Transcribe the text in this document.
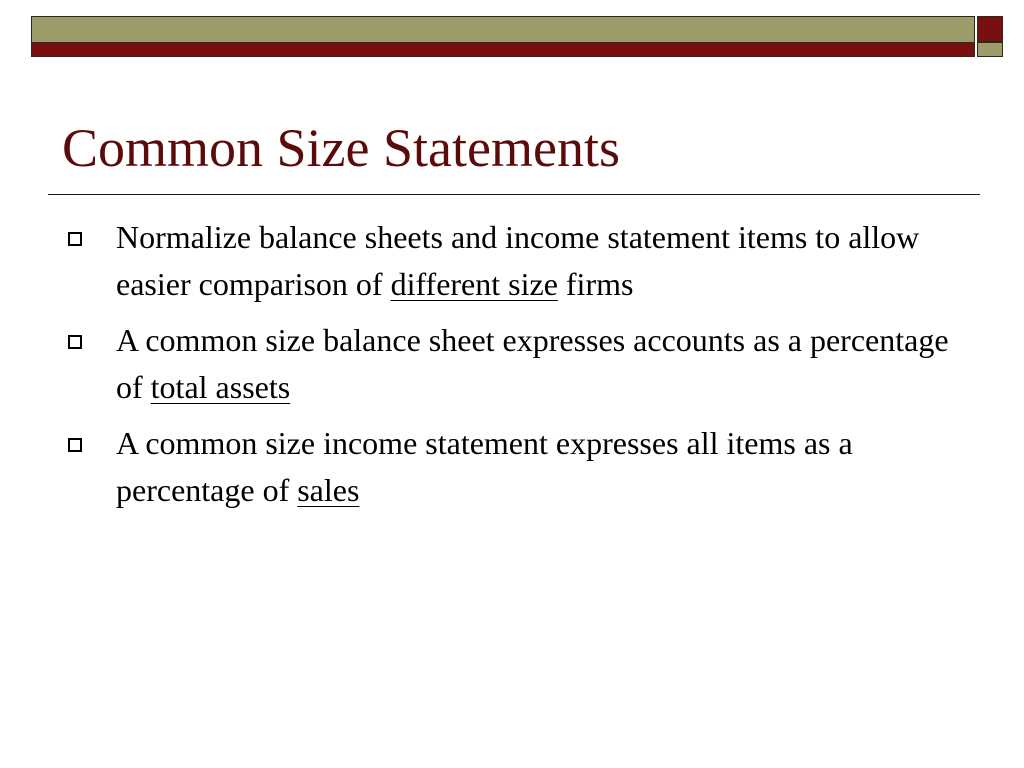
Common Size Statements
Normalize balance sheets and income statement items to allow easier comparison of different size firms
A common size balance sheet expresses accounts as a percentage of total assets
A common size income statement expresses all items as a percentage of sales
